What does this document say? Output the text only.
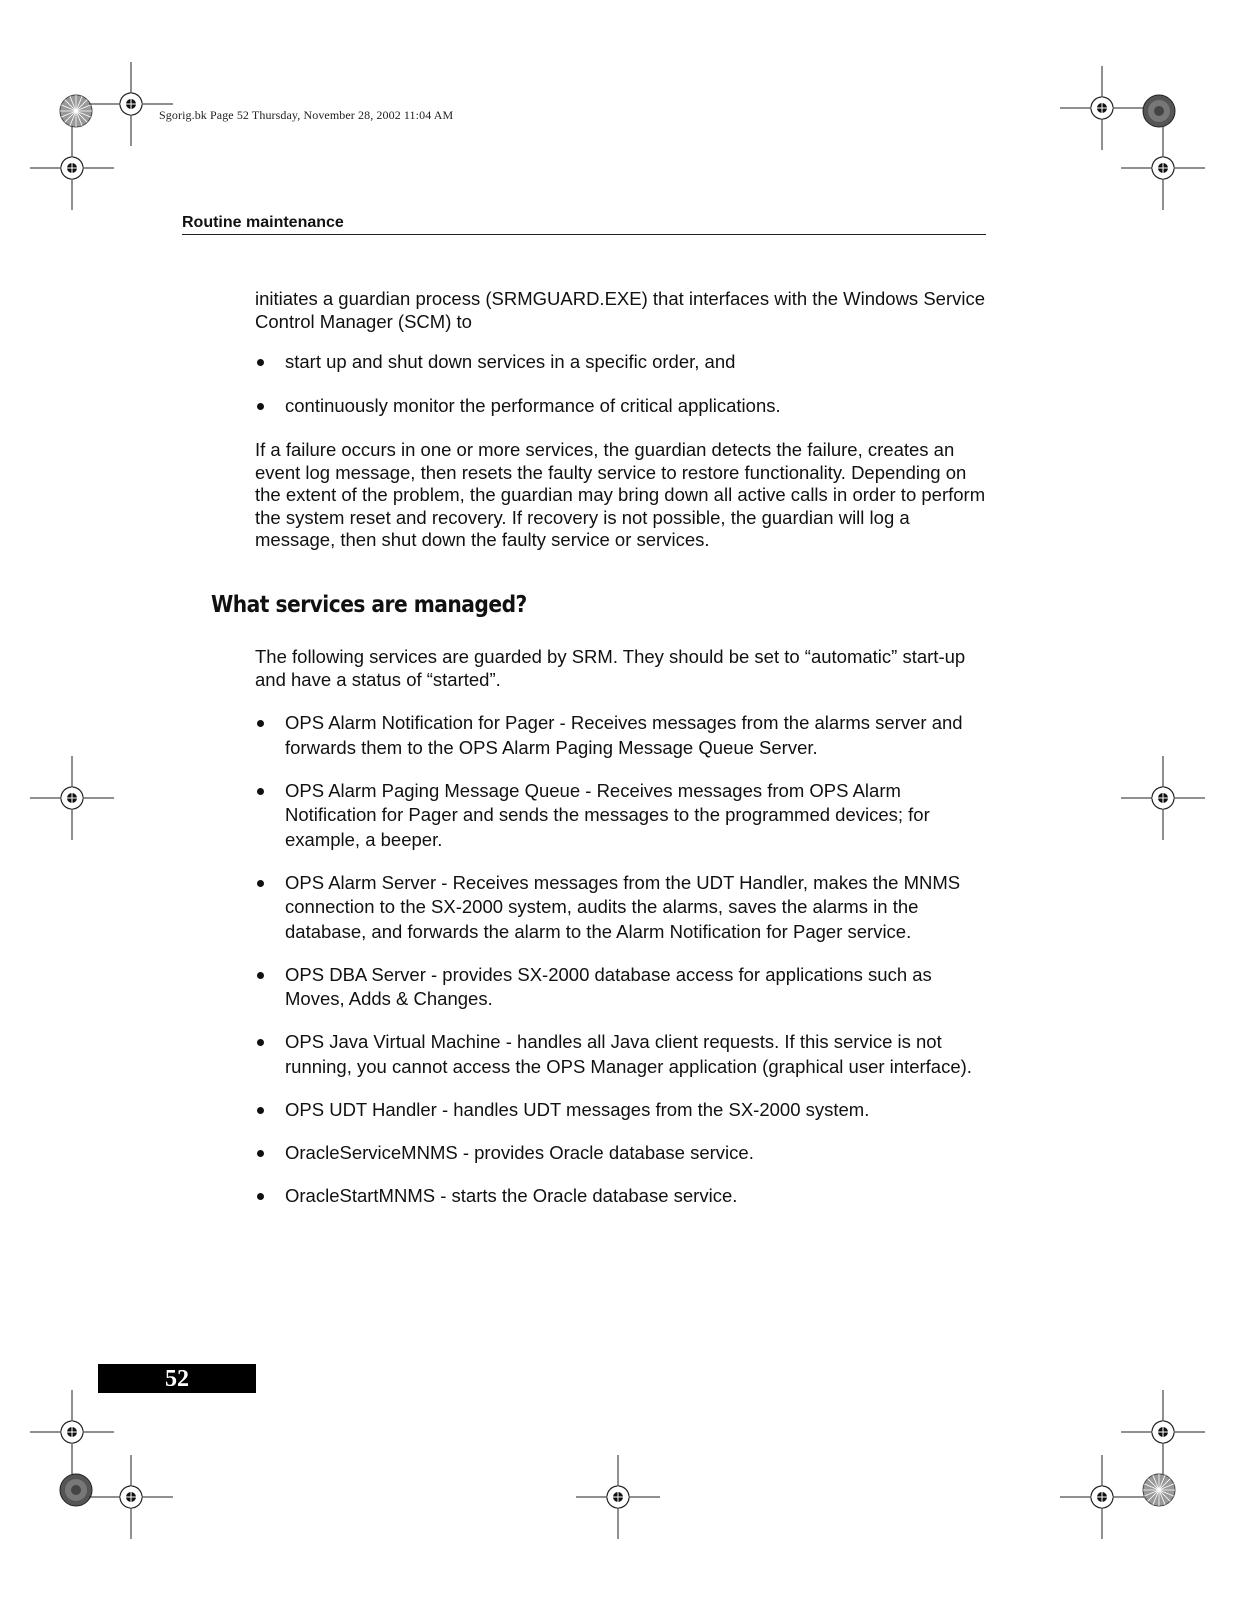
Sgorig.bk Page 52 Thursday, November 28, 2002 11:04 AM
Routine maintenance

initiates a guardian process (SRMGUARD.EXE) that interfaces with the Windows Service Control Manager (SCM) to

start up and shut down services in a specific order, and
continuously monitor the performance of critical applications.

If a failure occurs in one or more services, the guardian detects the failure, creates an event log message, then resets the faulty service to restore functionality. Depending on the extent of the problem, the guardian may bring down all active calls in order to perform the system reset and recovery. If recovery is not possible, the guardian will log a message, then shut down the faulty service or services.

What services are managed?

The following services are guarded by SRM. They should be set to “automatic” start-up and have a status of “started”.

OPS Alarm Notification for Pager - Receives messages from the alarms server and forwards them to the OPS Alarm Paging Message Queue Server.
OPS Alarm Paging Message Queue - Receives messages from OPS Alarm Notification for Pager and sends the messages to the programmed devices; for example, a beeper.
OPS Alarm Server - Receives messages from the UDT Handler, makes the MNMS connection to the SX-2000 system, audits the alarms, saves the alarms in the database, and forwards the alarm to the Alarm Notification for Pager service.
OPS DBA Server - provides SX-2000 database access for applications such as Moves, Adds & Changes.
OPS Java Virtual Machine - handles all Java client requests. If this service is not running, you cannot access the OPS Manager application (graphical user interface).
OPS UDT Handler - handles UDT messages from the SX-2000 system.
OracleServiceMNMS - provides Oracle database service.
OracleStartMNMS - starts the Oracle database service.
52
